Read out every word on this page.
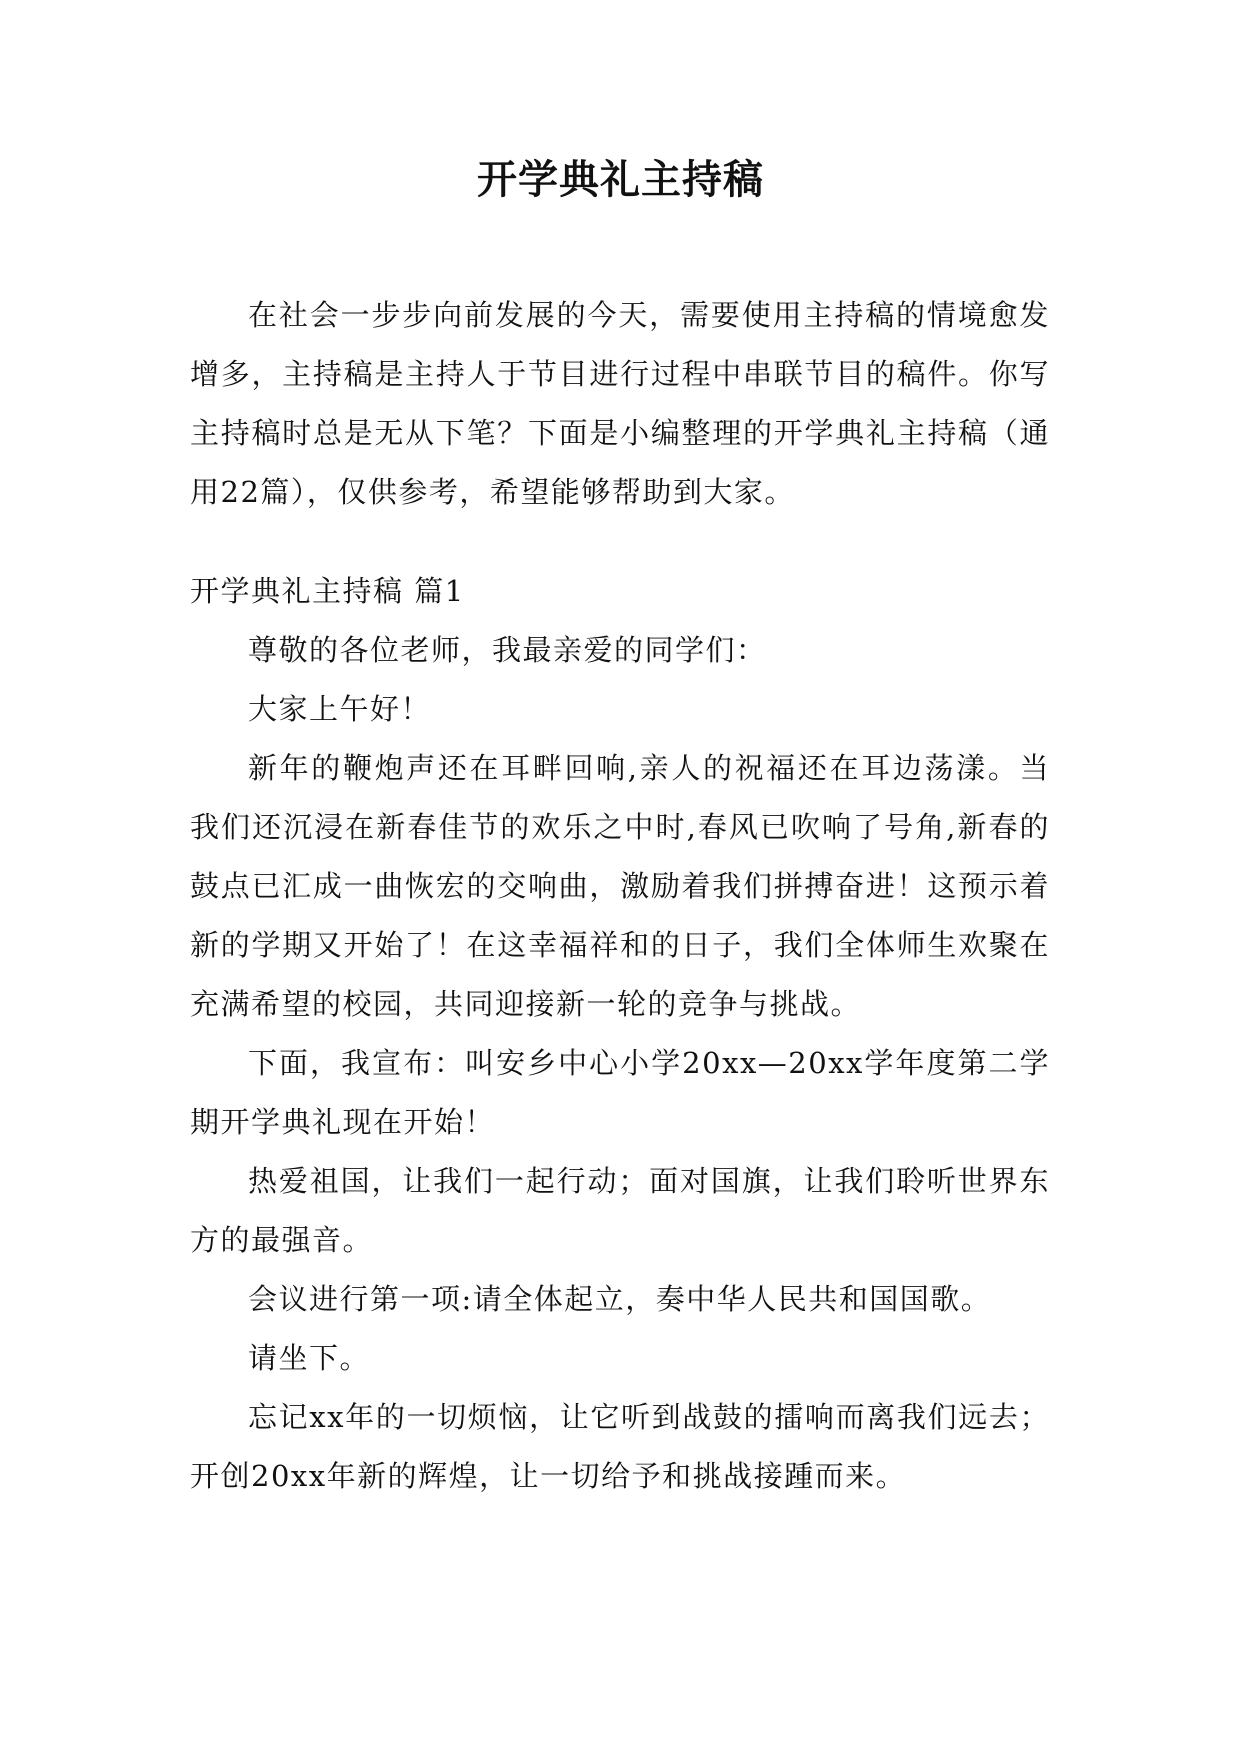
开学典礼主持稿

在社会一步步向前发展的今天，需要使用主持稿的情境愈发增多，主持稿是主持人于节目进行过程中串联节目的稿件。你写主持稿时总是无从下笔？下面是小编整理的开学典礼主持稿（通用22篇），仅供参考，希望能够帮助到大家。

开学典礼主持稿 篇1

尊敬的各位老师，我最亲爱的同学们：

大家上午好！

新年的鞭炮声还在耳畔回响,亲人的祝福还在耳边荡漾。当我们还沉浸在新春佳节的欢乐之中时,春风已吹响了号角,新春的鼓点已汇成一曲恢宏的交响曲，激励着我们拼搏奋进！这预示着新的学期又开始了！在这幸福祥和的日子，我们全体师生欢聚在充满希望的校园，共同迎接新一轮的竞争与挑战。

下面，我宣布：叫安乡中心小学20xx—20xx学年度第二学期开学典礼现在开始！

热爱祖国，让我们一起行动；面对国旗，让我们聆听世界东方的最强音。

会议进行第一项:请全体起立，奏中华人民共和国国歌。

请坐下。

忘记xx年的一切烦恼，让它听到战鼓的擂响而离我们远去；开创20xx年新的辉煌，让一切给予和挑战接踵而来。
